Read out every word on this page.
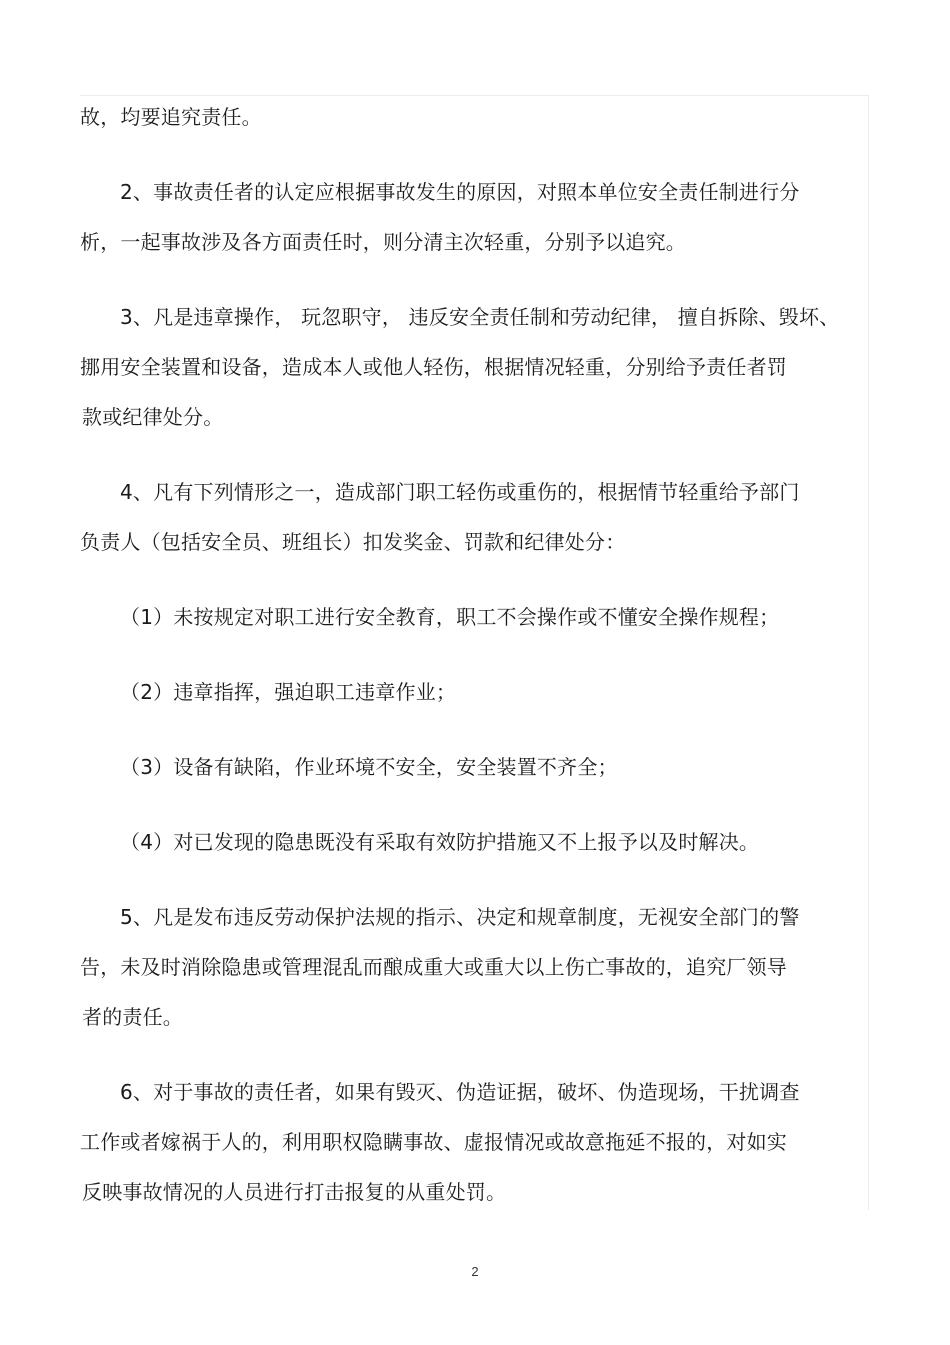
故，均要追究责任。

2、事故责任者的认定应根据事故发生的原因，对照本单位安全责任制进行分

析，一起事故涉及各方面责任时，则分清主次轻重，分别予以追究。

3、凡是违章操作， 玩忽职守， 违反安全责任制和劳动纪律， 擅自拆除、毁坏、

挪用安全装置和设备，造成本人或他人轻伤，根据情况轻重，分别给予责任者罚

款或纪律处分。

4、凡有下列情形之一，造成部门职工轻伤或重伤的，根据情节轻重给予部门

负责人（包括安全员、班组长）扣发奖金、罚款和纪律处分：

（1）未按规定对职工进行安全教育，职工不会操作或不懂安全操作规程；

（2）违章指挥，强迫职工违章作业；

（3）设备有缺陷，作业环境不安全，安全装置不齐全；

（4）对已发现的隐患既没有采取有效防护措施又不上报予以及时解决。

5、凡是发布违反劳动保护法规的指示、决定和规章制度，无视安全部门的警

告，未及时消除隐患或管理混乱而酿成重大或重大以上伤亡事故的，追究厂领导

者的责任。

6、对于事故的责任者，如果有毁灭、伪造证据，破坏、伪造现场，干扰调查

工作或者嫁祸于人的，利用职权隐瞒事故、虚报情况或故意拖延不报的，对如实

反映事故情况的人员进行打击报复的从重处罚。

2
